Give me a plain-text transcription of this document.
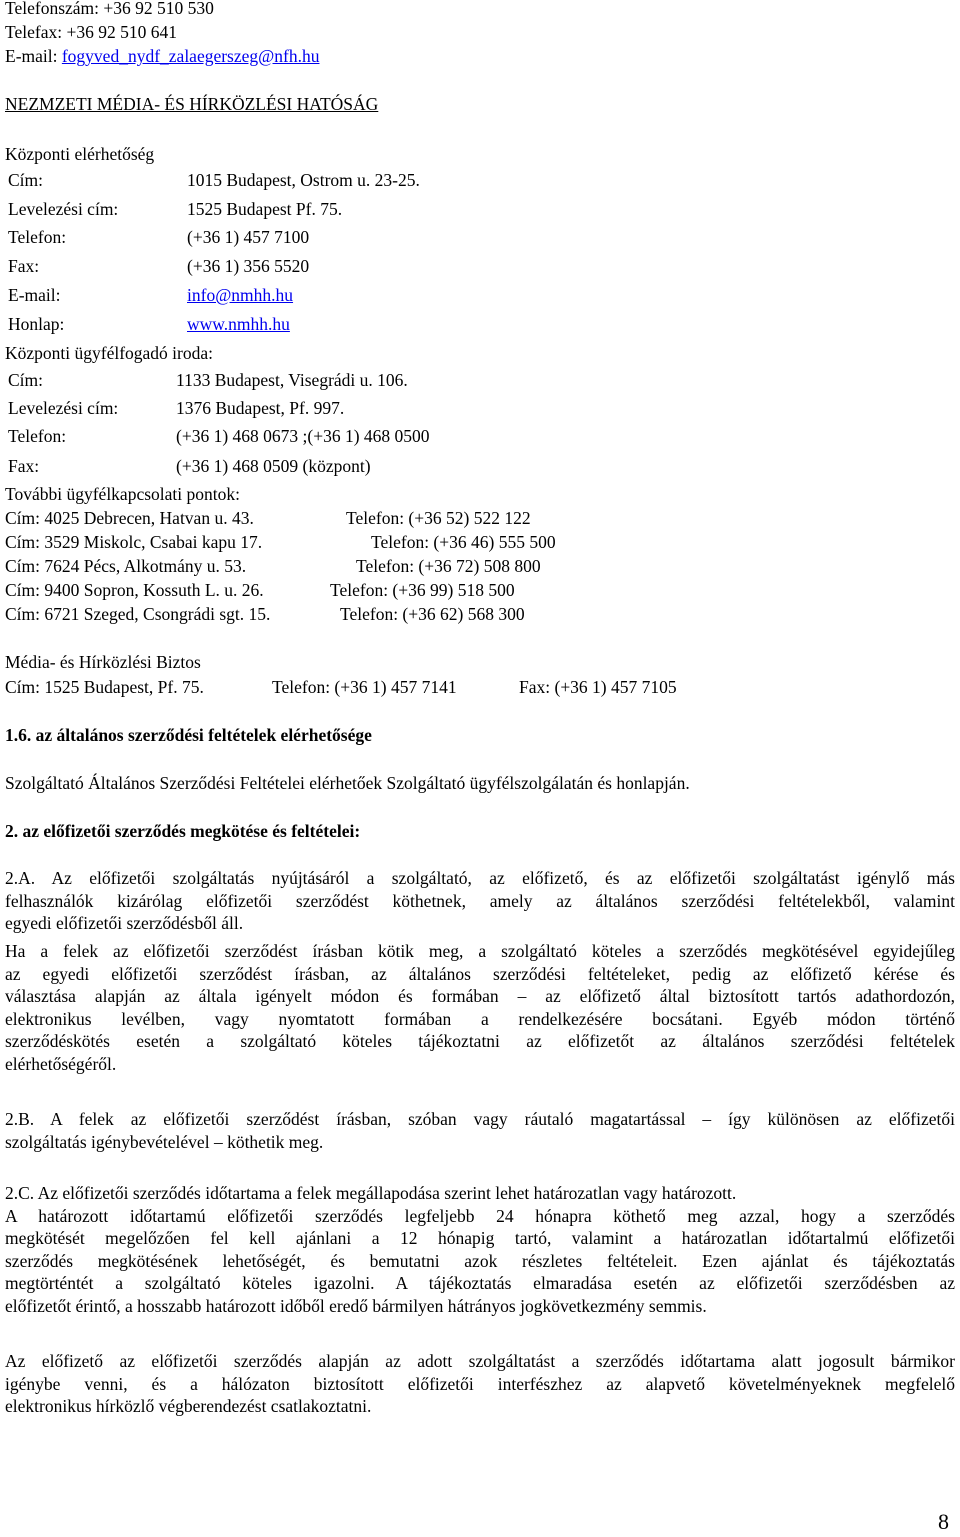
Telefonszám: +36 92 510 530
Telefax: +36 92 510 641
E-mail: fogyved_nydf_zalaegerszeg@nfh.hu
NEZMZETI MÉDIA- ÉS HÍRKÖZLÉSI HATÓSÁG
Központi elérhetőség
Cím:	1015 Budapest, Ostrom u. 23-25.
Levelezési cím:	1525 Budapest Pf. 75.
Telefon:	(+36 1) 457 7100
Fax:	(+36 1) 356 5520
E-mail:	info@nmhh.hu
Honlap:	www.nmhh.hu
Központi ügyfélfogadó iroda:
Cím:	1133 Budapest, Visegrádi u. 106.
Levelezési cím:	1376 Budapest, Pf. 997.
Telefon:	(+36 1) 468 0673 ;(+36 1) 468 0500
Fax:	(+36 1) 468 0509 (központ)
További ügyfélkapcsolati pontok:
Cím: 4025 Debrecen, Hatvan u. 43.	Telefon: (+36 52) 522 122
Cím: 3529 Miskolc, Csabai kapu 17.	Telefon: (+36 46) 555 500
Cím: 7624 Pécs, Alkotmány u. 53.	Telefon: (+36 72) 508 800
Cím: 9400 Sopron, Kossuth L. u. 26.	Telefon: (+36 99) 518 500
Cím: 6721 Szeged, Csongrádi sgt. 15.	Telefon: (+36 62) 568 300
Média- és Hírközlési Biztos
Cím: 1525 Budapest, Pf. 75.	Telefon: (+36 1) 457 7141	Fax: (+36 1) 457 7105
1.6. az általános szerződési feltételek elérhetősége
Szolgáltató Általános Szerződési Feltételei elérhetőek Szolgáltató ügyfélszolgálatán és honlapján.
2. az előfizetői szerződés megkötése és feltételei:
2.A. Az előfizetői szolgáltatás nyújtásáról a szolgáltató, az előfizető, és az előfizetői szolgáltatást igénylő más
felhasználók kizárólag előfizetői szerződést köthetnek, amely az általános szerződési feltételekből, valamint
egyedi előfizetői szerződésből áll.
Ha a felek az előfizetői szerződést írásban kötik meg, a szolgáltató köteles a szerződés megkötésével egyidejűleg
az egyedi előfizetői szerződést írásban, az általános szerződési feltételeket, pedig az előfizető kérése és
választása alapján az általa igényelt módon és formában – az előfizető által biztosított tartós adathordozón,
elektronikus levélben, vagy nyomtatott formában a rendelkezésére bocsátani. Egyéb módon történő
szerződéskötés esetén a szolgáltató köteles tájékoztatni az előfizetőt az általános szerződési feltételek
elérhetőségéről.
2.B. A felek az előfizetői szerződést írásban, szóban vagy ráutaló magatartással – így különösen az előfizetői
szolgáltatás igénybevételével – köthetik meg.
2.C. Az előfizetői szerződés időtartama a felek megállapodása szerint lehet határozatlan vagy határozott.
A határozott időtartamú előfizetői szerződés legfeljebb 24 hónapra köthető meg azzal, hogy a szerződés
megkötését megelőzően fel kell ajánlani a 12 hónapig tartó, valamint a határozatlan időtartalmú előfizetői
szerződés megkötésének lehetőségét, és bemutatni azok részletes feltételeit. Ezen ajánlat és tájékoztatás
megtörténtét a szolgáltató köteles igazolni. A tájékoztatás elmaradása esetén az előfizetői szerződésben az
előfizetőt érintő, a hosszabb határozott időből eredő bármilyen hátrányos jogkövetkezmény semmis.
Az előfizető az előfizetői szerződés alapján az adott szolgáltatást a szerződés időtartama alatt jogosult bármikor
igénybe venni, és a hálózaton biztosított előfizetői interfészhez az alapvető követelményeknek megfelelő
elektronikus hírközlő végberendezést csatlakoztatni.
8
